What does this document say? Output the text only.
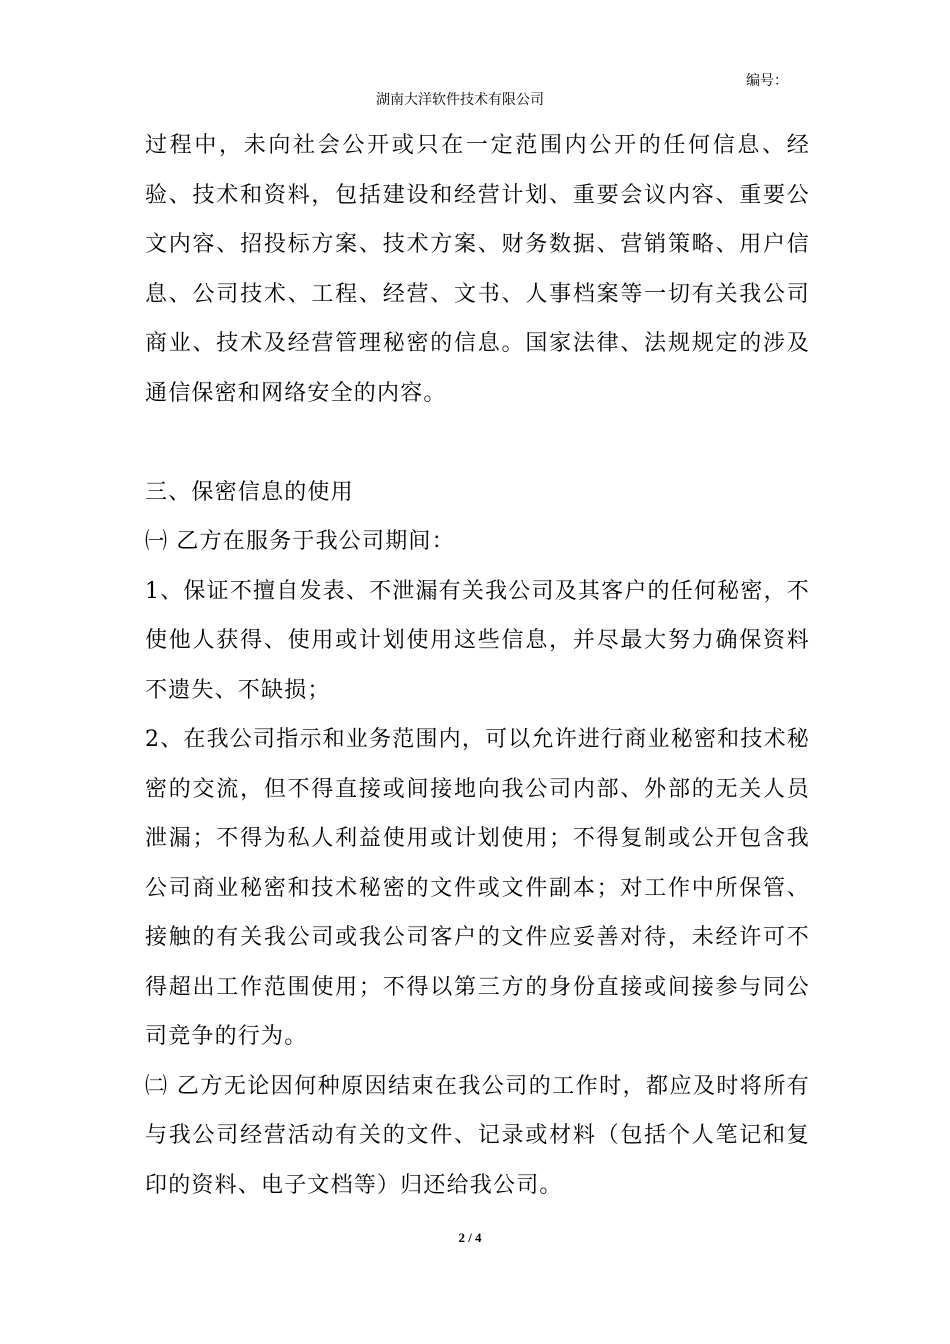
编号：
湖南大洋软件技术有限公司

过程中，未向社会公开或只在一定范围内公开的任何信息、经验、技术和资料，包括建设和经营计划、重要会议内容、重要公文内容、招投标方案、技术方案、财务数据、营销策略、用户信息、公司技术、工程、经营、文书、人事档案等一切有关我公司商业、技术及经营管理秘密的信息。国家法律、法规规定的涉及通信保密和网络安全的内容。

三、保密信息的使用

㈠ 乙方在服务于我公司期间：

1、保证不擅自发表、不泄漏有关我公司及其客户的任何秘密，不使他人获得、使用或计划使用这些信息，并尽最大努力确保资料不遗失、不缺损；

2、在我公司指示和业务范围内，可以允许进行商业秘密和技术秘密的交流，但不得直接或间接地向我公司内部、外部的无关人员泄漏；不得为私人利益使用或计划使用；不得复制或公开包含我公司商业秘密和技术秘密的文件或文件副本；对工作中所保管、接触的有关我公司或我公司客户的文件应妥善对待，未经许可不得超出工作范围使用；不得以第三方的身份直接或间接参与同公司竞争的行为。

㈡ 乙方无论因何种原因结束在我公司的工作时，都应及时将所有与我公司经营活动有关的文件、记录或材料（包括个人笔记和复印的资料、电子文档等）归还给我公司。

2 / 4
